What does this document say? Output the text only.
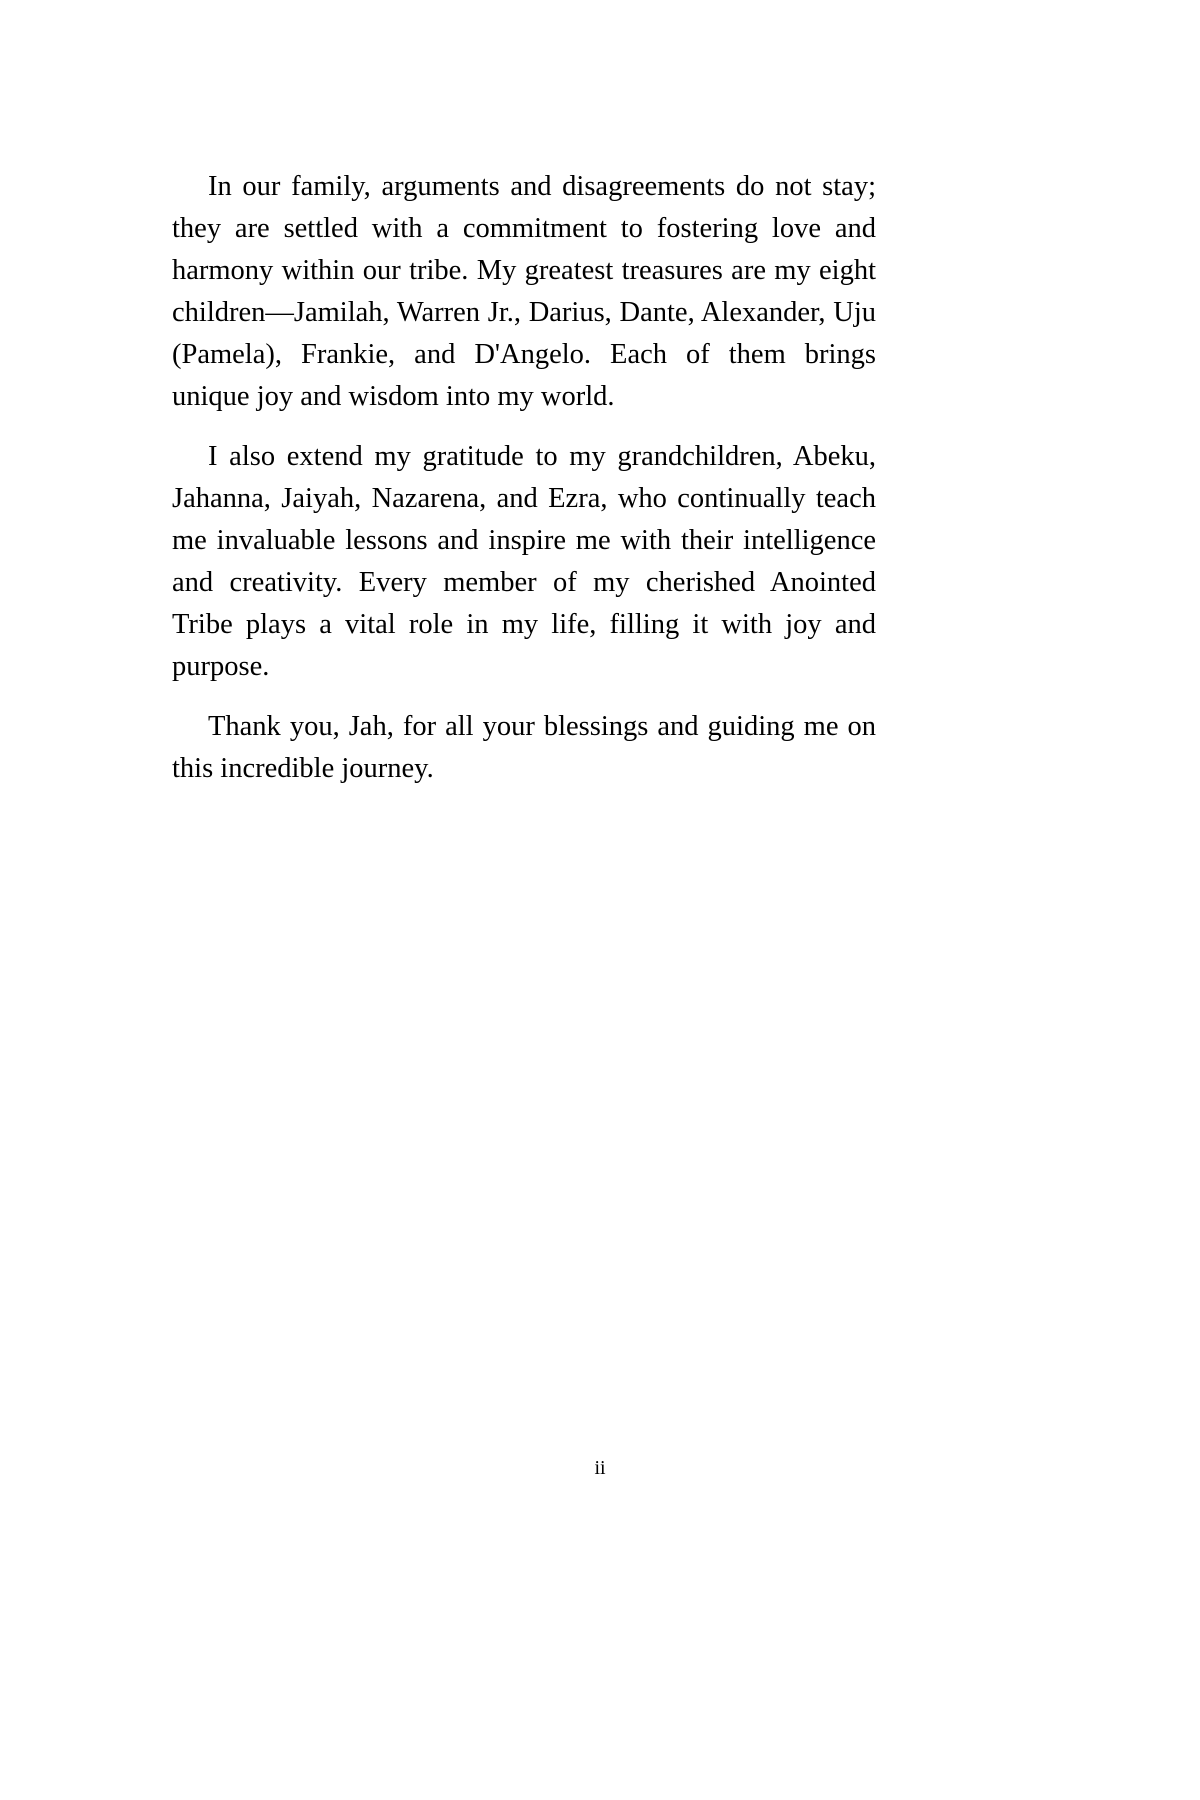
In our family, arguments and disagreements do not stay; they are settled with a commitment to fostering love and harmony within our tribe. My greatest treasures are my eight children—Jamilah, Warren Jr., Darius, Dante, Alexander, Uju (Pamela), Frankie, and D'Angelo. Each of them brings unique joy and wisdom into my world.

I also extend my gratitude to my grandchildren, Abeku, Jahanna, Jaiyah, Nazarena, and Ezra, who continually teach me invaluable lessons and inspire me with their intelligence and creativity. Every member of my cherished Anointed Tribe plays a vital role in my life, filling it with joy and purpose.

Thank you, Jah, for all your blessings and guiding me on this incredible journey.

ii
